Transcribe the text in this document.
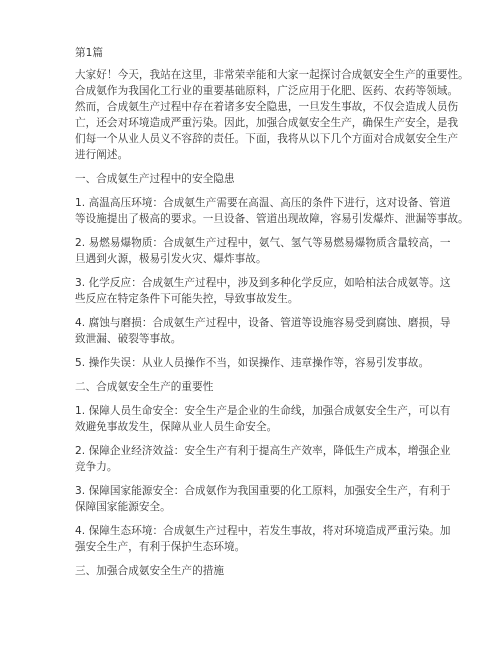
第1篇
大家好！今天，我站在这里，非常荣幸能和大家一起探讨合成氨安全生产的重要性。
合成氨作为我国化工行业的重要基础原料，广泛应用于化肥、医药、农药等领域。
然而，合成氨生产过程中存在着诸多安全隐患，一旦发生事故，不仅会造成人员伤
亡，还会对环境造成严重污染。因此，加强合成氨安全生产，确保生产安全，是我
们每一个从业人员义不容辞的责任。下面，我将从以下几个方面对合成氨安全生产
进行阐述。
一、合成氨生产过程中的安全隐患
1. 高温高压环境：合成氨生产需要在高温、高压的条件下进行，这对设备、管道
等设施提出了极高的要求。一旦设备、管道出现故障，容易引发爆炸、泄漏等事故。
2. 易燃易爆物质：合成氨生产过程中，氨气、氢气等易燃易爆物质含量较高，一
旦遇到火源，极易引发火灾、爆炸事故。
3. 化学反应：合成氨生产过程中，涉及到多种化学反应，如哈柏法合成氨等。这
些反应在特定条件下可能失控，导致事故发生。
4. 腐蚀与磨损：合成氨生产过程中，设备、管道等设施容易受到腐蚀、磨损，导
致泄漏、破裂等事故。
5. 操作失误：从业人员操作不当，如误操作、违章操作等，容易引发事故。
二、合成氨安全生产的重要性
1. 保障人员生命安全：安全生产是企业的生命线，加强合成氨安全生产，可以有
效避免事故发生，保障从业人员生命安全。
2. 保障企业经济效益：安全生产有利于提高生产效率，降低生产成本，增强企业
竞争力。
3. 保障国家能源安全：合成氨作为我国重要的化工原料，加强安全生产，有利于
保障国家能源安全。
4. 保障生态环境：合成氨生产过程中，若发生事故，将对环境造成严重污染。加
强安全生产，有利于保护生态环境。
三、加强合成氨安全生产的措施
